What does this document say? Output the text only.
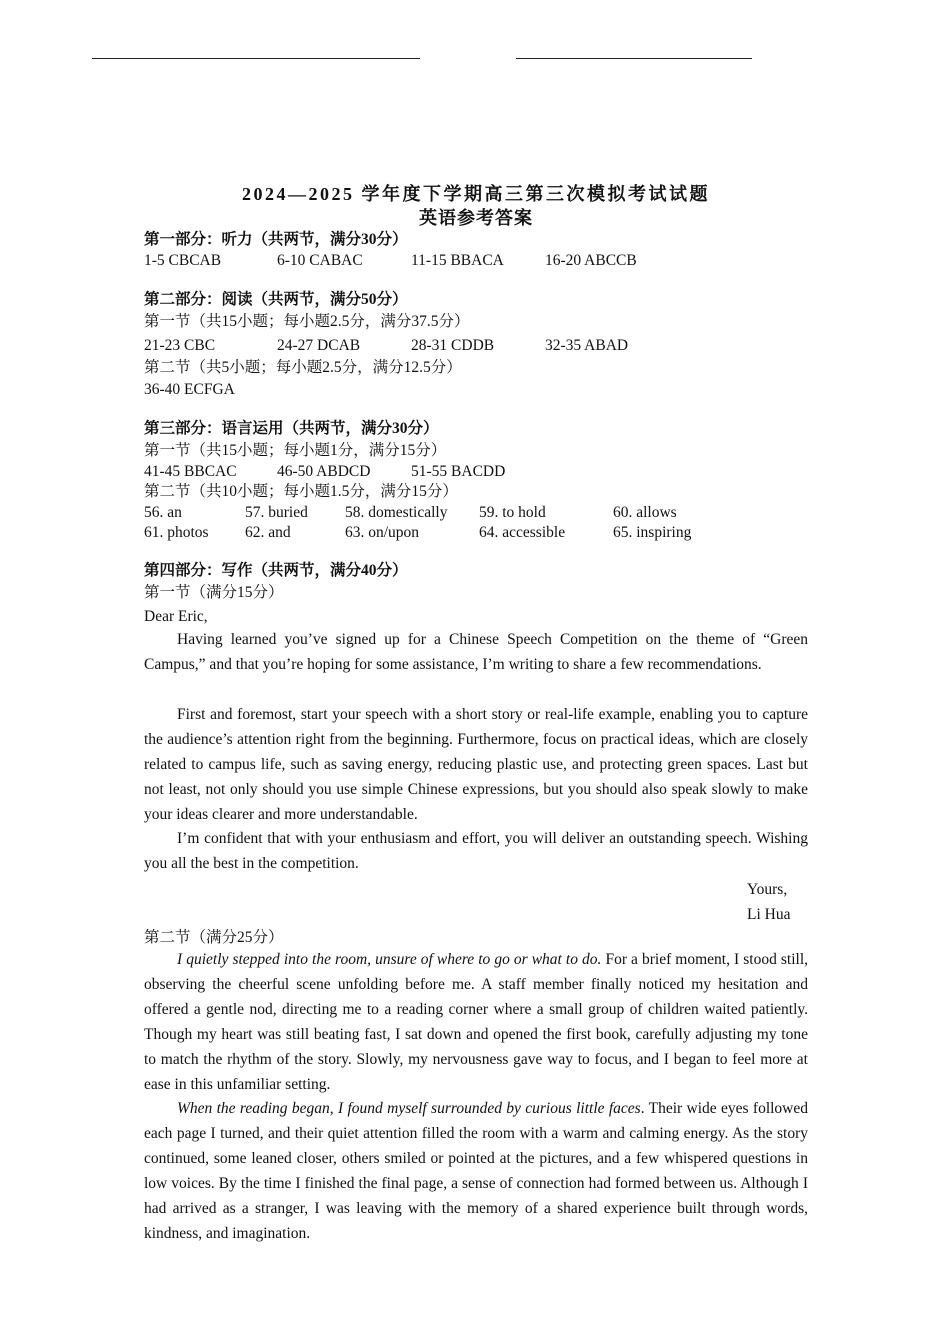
2024—2025 学年度下学期高三第三次模拟考试试题
英语参考答案
第一部分：听力（共两节，满分30分）
1-5 CBCAB	6-10 CABAC	11-15 BBACA	16-20 ABCCB
第二部分：阅读（共两节，满分50分）
第一节（共15小题；每小题2.5分，满分37.5分）
21-23 CBC	24-27 DCAB	28-31 CDDB	32-35 ABAD
第二节（共5小题；每小题2.5分，满分12.5分）
36-40 ECFGA
第三部分：语言运用（共两节，满分30分）
第一节（共15小题；每小题1分，满分15分）
41-45 BBCAC	46-50 ABDCD	51-55 BACDD
第二节（共10小题；每小题1.5分，满分15分）
56. an	57. buried 58. domestically 59. to hold	60. allows
61. photos 62. and	63. on/upon	64. accessible	65. inspiring
第四部分：写作（共两节，满分40分）
第一节（满分15分）
Dear Eric,
Having learned you’ve signed up for a Chinese Speech Competition on the theme of “Green Campus,” and that you’re hoping for some assistance, I’m writing to share a few recommendations.
First and foremost, start your speech with a short story or real-life example, enabling you to capture the audience’s attention right from the beginning. Furthermore, focus on practical ideas, which are closely related to campus life, such as saving energy, reducing plastic use, and protecting green spaces. Last but not least, not only should you use simple Chinese expressions, but you should also speak slowly to make your ideas clearer and more understandable.
I’m confident that with your enthusiasm and effort, you will deliver an outstanding speech. Wishing you all the best in the competition.
Yours,
Li Hua
第二节（满分25分）
I quietly stepped into the room, unsure of where to go or what to do. For a brief moment, I stood still, observing the cheerful scene unfolding before me. A staff member finally noticed my hesitation and offered a gentle nod, directing me to a reading corner where a small group of children waited patiently. Though my heart was still beating fast, I sat down and opened the first book, carefully adjusting my tone to match the rhythm of the story. Slowly, my nervousness gave way to focus, and I began to feel more at ease in this unfamiliar setting.
When the reading began, I found myself surrounded by curious little faces. Their wide eyes followed each page I turned, and their quiet attention filled the room with a warm and calming energy. As the story continued, some leaned closer, others smiled or pointed at the pictures, and a few whispered questions in low voices. By the time I finished the final page, a sense of connection had formed between us. Although I had arrived as a stranger, I was leaving with the memory of a shared experience built through words, kindness, and imagination.
